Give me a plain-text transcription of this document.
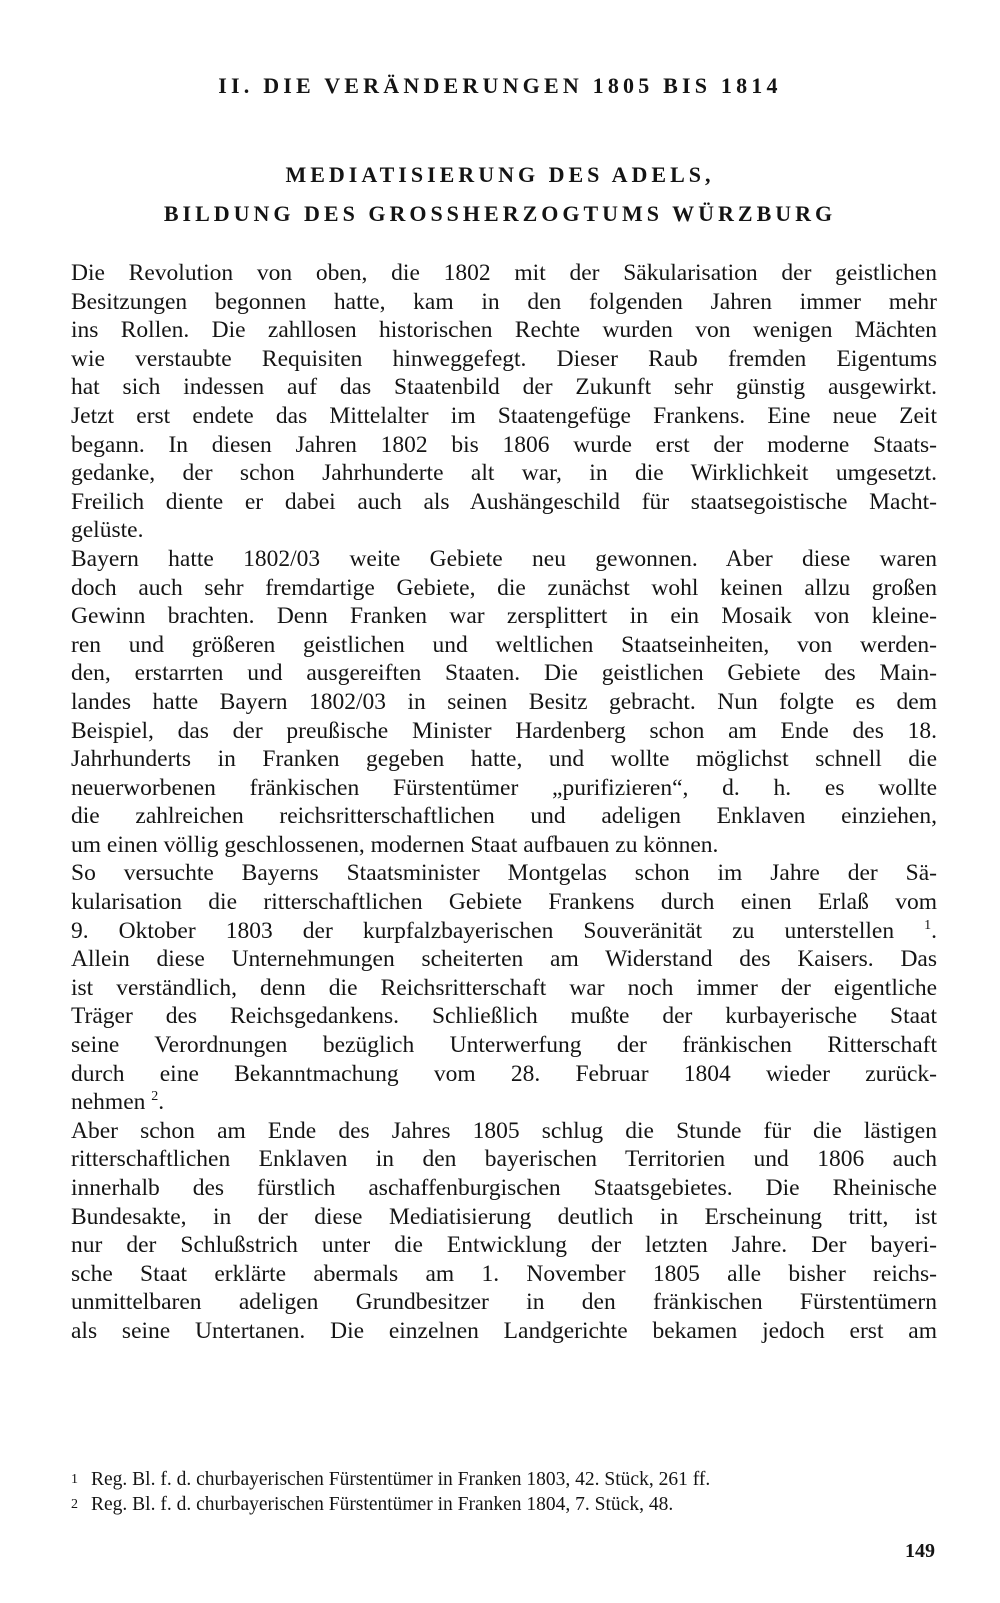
II. DIE VERÄNDERUNGEN 1805 BIS 1814
MEDIATISIERUNG DES ADELS,
BILDUNG DES GROSSHERZOGTUMS WÜRZBURG
Die Revolution von oben, die 1802 mit der Säkularisation der geistlichen
Besitzungen begonnen hatte, kam in den folgenden Jahren immer mehr
ins Rollen. Die zahllosen historischen Rechte wurden von wenigen Mächten
wie verstaubte Requisiten hinweggefegt. Dieser Raub fremden Eigentums
hat sich indessen auf das Staatenbild der Zukunft sehr günstig ausgewirkt.
Jetzt erst endete das Mittelalter im Staatengefüge Frankens. Eine neue Zeit
begann. In diesen Jahren 1802 bis 1806 wurde erst der moderne Staats-
gedanke, der schon Jahrhunderte alt war, in die Wirklichkeit umgesetzt.
Freilich diente er dabei auch als Aushängeschild für staatsegoistische Macht-
gelüste.
Bayern hatte 1802/03 weite Gebiete neu gewonnen. Aber diese waren
doch auch sehr fremdartige Gebiete, die zunächst wohl keinen allzu großen
Gewinn brachten. Denn Franken war zersplittert in ein Mosaik von kleine-
ren und größeren geistlichen und weltlichen Staatseinheiten, von werden-
den, erstarrten und ausgereiften Staaten. Die geistlichen Gebiete des Main-
landes hatte Bayern 1802/03 in seinen Besitz gebracht. Nun folgte es dem
Beispiel, das der preußische Minister Hardenberg schon am Ende des 18.
Jahrhunderts in Franken gegeben hatte, und wollte möglichst schnell die
neuerworbenen fränkischen Fürstentümer „purifizieren“, d. h. es wollte
die zahlreichen reichsritterschaftlichen und adeligen Enklaven einziehen,
um einen völlig geschlossenen, modernen Staat aufbauen zu können.
So versuchte Bayerns Staatsminister Montgelas schon im Jahre der Sä-
kularisation die ritterschaftlichen Gebiete Frankens durch einen Erlaß vom
9. Oktober 1803 der kurpfalzbayerischen Souveränität zu unterstellen $^1$.
Allein diese Unternehmungen scheiterten am Widerstand des Kaisers. Das
ist verständlich, denn die Reichsritterschaft war noch immer der eigentliche
Träger des Reichsgedankens. Schließlich mußte der kurbayerische Staat
seine Verordnungen bezüglich Unterwerfung der fränkischen Ritterschaft
durch eine Bekanntmachung vom 28. Februar 1804 wieder zurück-
nehmen $^2$.
Aber schon am Ende des Jahres 1805 schlug die Stunde für die lästigen
ritterschaftlichen Enklaven in den bayerischen Territorien und 1806 auch
innerhalb des fürstlich aschaffenburgischen Staatsgebietes. Die Rheinische
Bundesakte, in der diese Mediatisierung deutlich in Erscheinung tritt, ist
nur der Schlußstrich unter die Entwicklung der letzten Jahre. Der bayeri-
sche Staat erklärte abermals am 1. November 1805 alle bisher reichs-
unmittelbaren adeligen Grundbesitzer in den fränkischen Fürstentümern
als seine Untertanen. Die einzelnen Landgerichte bekamen jedoch erst am
1 Reg. Bl. f. d. churbayerischen Fürstentümer in Franken 1803, 42. Stück, 261 ff.
2 Reg. Bl. f. d. churbayerischen Fürstentümer in Franken 1804, 7. Stück, 48.
149
